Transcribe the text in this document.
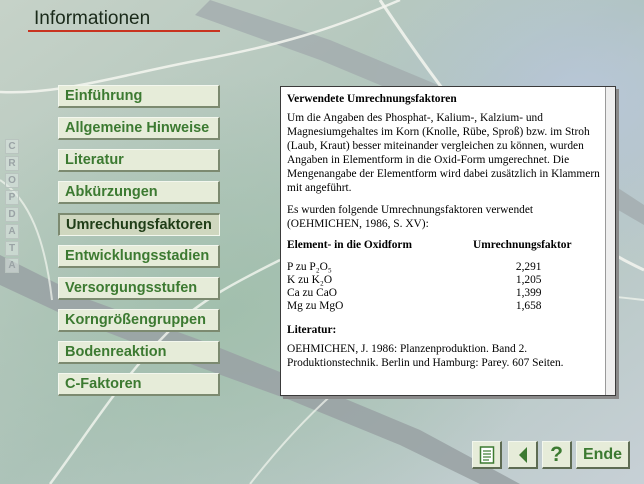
Informationen
C
R
O
P
D
A
T
A
Einführung
Allgemeine Hinweise
Literatur
Abkürzungen
Umrechungsfaktoren
Entwicklungsstadien
Versorgungsstufen
Korngrößengruppen
Bodenreaktion
C-Faktoren
Verwendete Umrechnungsfaktoren

Um die Angaben des Phosphat-, Kalium-, Kalzium- und Magnesiumgehaltes im Korn (Knolle, Rübe, Sproß) bzw. im Stroh (Laub, Kraut) besser miteinander vergleichen zu können, wurden Angaben in Elementform in die Oxid-Form umgerechnet. Die Mengenangabe der Elementform wird dabei zusätzlich in Klammern mit angeführt.

Es wurden folgende Umrechnungsfaktoren verwendet (OEHMICHEN, 1986, S. XV):

Element- in die Oxidform	Umrechnungsfaktor
P zu P₂O₅	2,291
K zu K₂O	1,205
Ca zu CaO	1,399
Mg zu MgO	1,658
Literatur:

OEHMICHEN, J. 1986: Planzenproduktion. Band 2. Produktionstechnik. Berlin und Hamburg: Parey. 607 Seiten.

? Ende
